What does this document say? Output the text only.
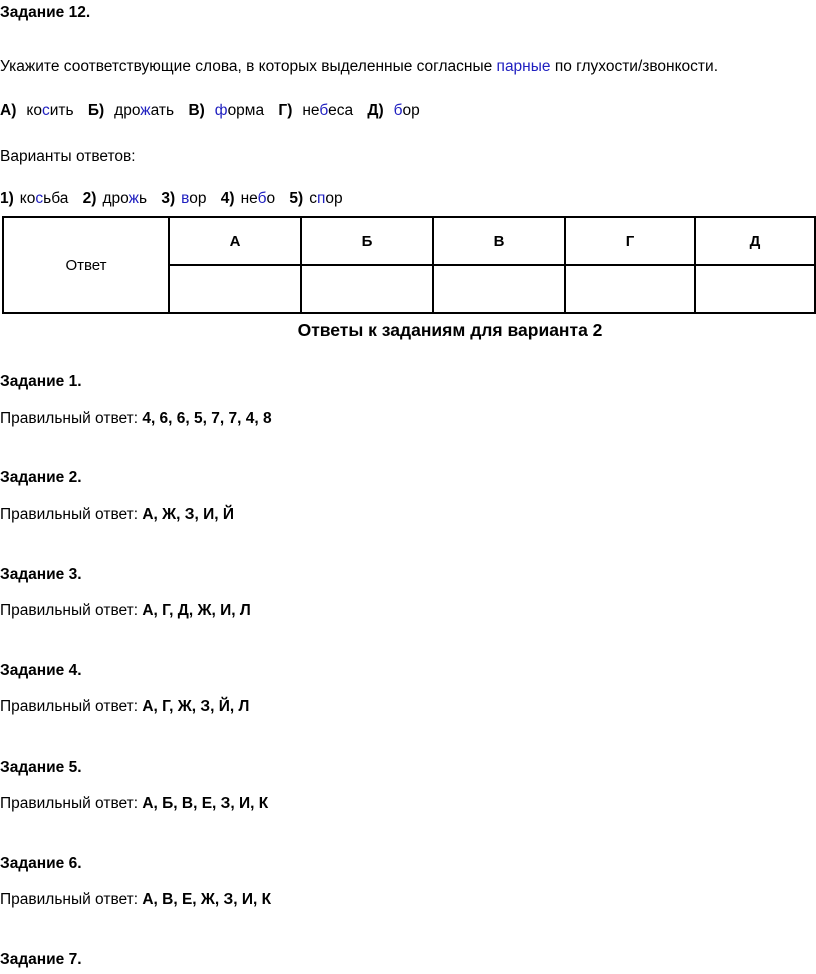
Задание 12.
Укажите соответствующие слова, в которых выделенные согласные парные по глухости/звонкости.
А) косить Б) дрожать В) форма Г) небеса Д) бор
Варианты ответов:
1) косьба 2) дрожь 3) вор 4) небо 5) спор
Ответ	А	Б	В	Г	Д

Ответы к заданиям для варианта 2
Задание 1.
Правильный ответ: 4, 6, 6, 5, 7, 7, 4, 8
Задание 2.
Правильный ответ: А, Ж, З, И, Й
Задание 3.
Правильный ответ: А, Г, Д, Ж, И, Л
Задание 4.
Правильный ответ: А, Г, Ж, З, Й, Л
Задание 5.
Правильный ответ: А, Б, В, Е, З, И, К
Задание 6.
Правильный ответ: А, В, Е, Ж, З, И, К
Задание 7.
